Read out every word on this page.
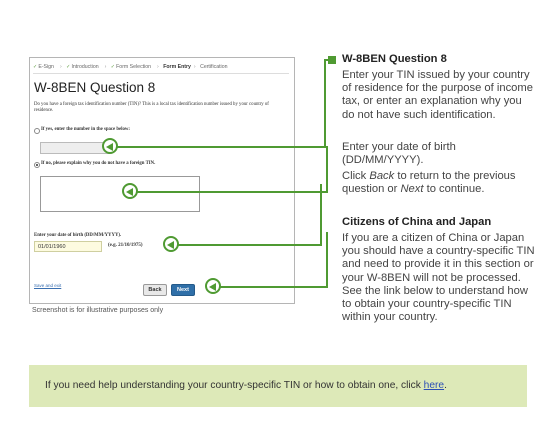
✓E-Sign › ✓Introduction › ✓Form Selection › Form Entry › Certification
W-8BEN Question 8
Do you have a foreign tax identification number (TIN)? This is a local tax identification number issued by your country of residence.
If yes, enter the number in the space below:
If no, please explain why you do not have a foreign TIN.
Enter your date of birth (DD/MM/YYYY).
01/01/1960	(e.g. 21/10/1975)
Save and exit
Back	Next
Screenshot is for illustrative purposes only
W-8BEN Question 8
Enter your TIN issued by your country of residence for the purpose of income tax, or enter an explanation why you do not have such identification.
Enter your date of birth (DD/MM/YYYY).
Click Back to return to the previous question or Next to continue.
Citizens of China and Japan
If you are a citizen of China or Japan you should have a country-specific TIN and need to provide it in this section or your W-8BEN will not be processed. See the link below to understand how to obtain your country-specific TIN within your country.
If you need help understanding your country-specific TIN or how to obtain one, click here.
